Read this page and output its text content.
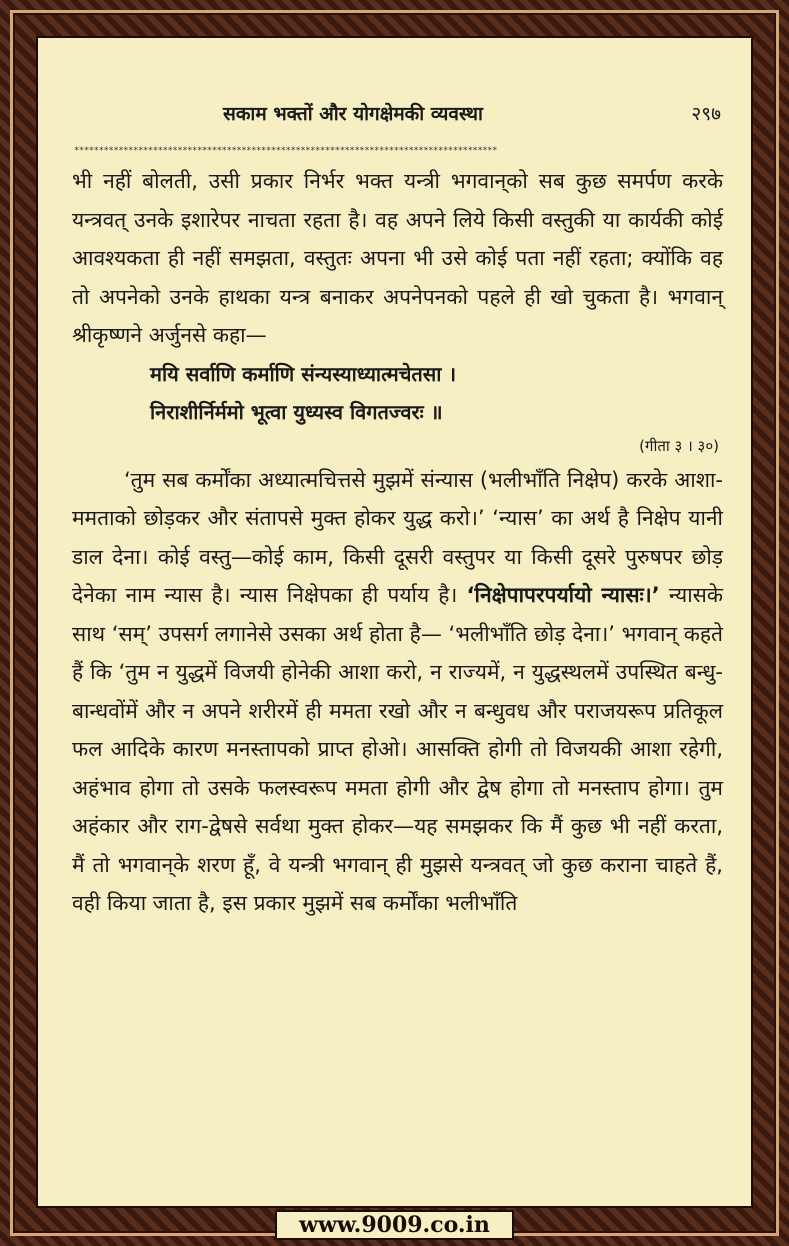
सकाम भक्तों और योगक्षेमकी व्यवस्था	२९७
**************************************************************************************

भी नहीं बोलती, उसी प्रकार निर्भर भक्त यन्त्री भगवान्‌को सब कुछ समर्पण करके यन्त्रवत् उनके इशारेपर नाचता रहता है। वह अपने लिये किसी वस्तुकी या कार्यकी कोई आवश्यकता ही नहीं समझता, वस्तुतः अपना भी उसे कोई पता नहीं रहता; क्योंकि वह तो अपनेको उनके हाथका यन्त्र बनाकर अपनेपनको पहले ही खो चुकता है। भगवान् श्रीकृष्णने अर्जुनसे कहा—

मयि सर्वाणि कर्माणि संन्यस्याध्यात्मचेतसा ।
निराशीर्निर्ममो भूत्वा युध्यस्व विगतज्वरः ॥
(गीता ३ । ३०)

‘तुम सब कर्मोंका अध्यात्मचित्तसे मुझमें संन्यास (भलीभाँति निक्षेप) करके आशा-ममताको छोड़कर और संतापसे मुक्त होकर युद्ध करो।’ ‘न्यास’ का अर्थ है निक्षेप यानी डाल देना। कोई वस्तु—कोई काम, किसी दूसरी वस्तुपर या किसी दूसरे पुरुषपर छोड़ देनेका नाम न्यास है। न्यास निक्षेपका ही पर्याय है। ‘निक्षेपापरपर्यायो न्यासः।’ न्यासके साथ ‘सम्’ उपसर्ग लगानेसे उसका अर्थ होता है— ‘भलीभाँति छोड़ देना।’ भगवान् कहते हैं कि ‘तुम न युद्धमें विजयी होनेकी आशा करो, न राज्यमें, न युद्धस्थलमें उपस्थित बन्धु-बान्धवोंमें और न अपने शरीरमें ही ममता रखो और न बन्धुवध और पराजयरूप प्रतिकूल फल आदिके कारण मनस्तापको प्राप्त होओ। आसक्ति होगी तो विजयकी आशा रहेगी, अहंभाव होगा तो उसके फलस्वरूप ममता होगी और द्वेष होगा तो मनस्ताप होगा। तुम अहंकार और राग-द्वेषसे सर्वथा मुक्त होकर—यह समझकर कि मैं कुछ भी नहीं करता, मैं तो भगवान्‌के शरण हूँ, वे यन्त्री भगवान् ही मुझसे यन्त्रवत् जो कुछ कराना चाहते हैं, वही किया जाता है, इस प्रकार मुझमें सब कर्मोंका भलीभाँति

www.9009.co.in
